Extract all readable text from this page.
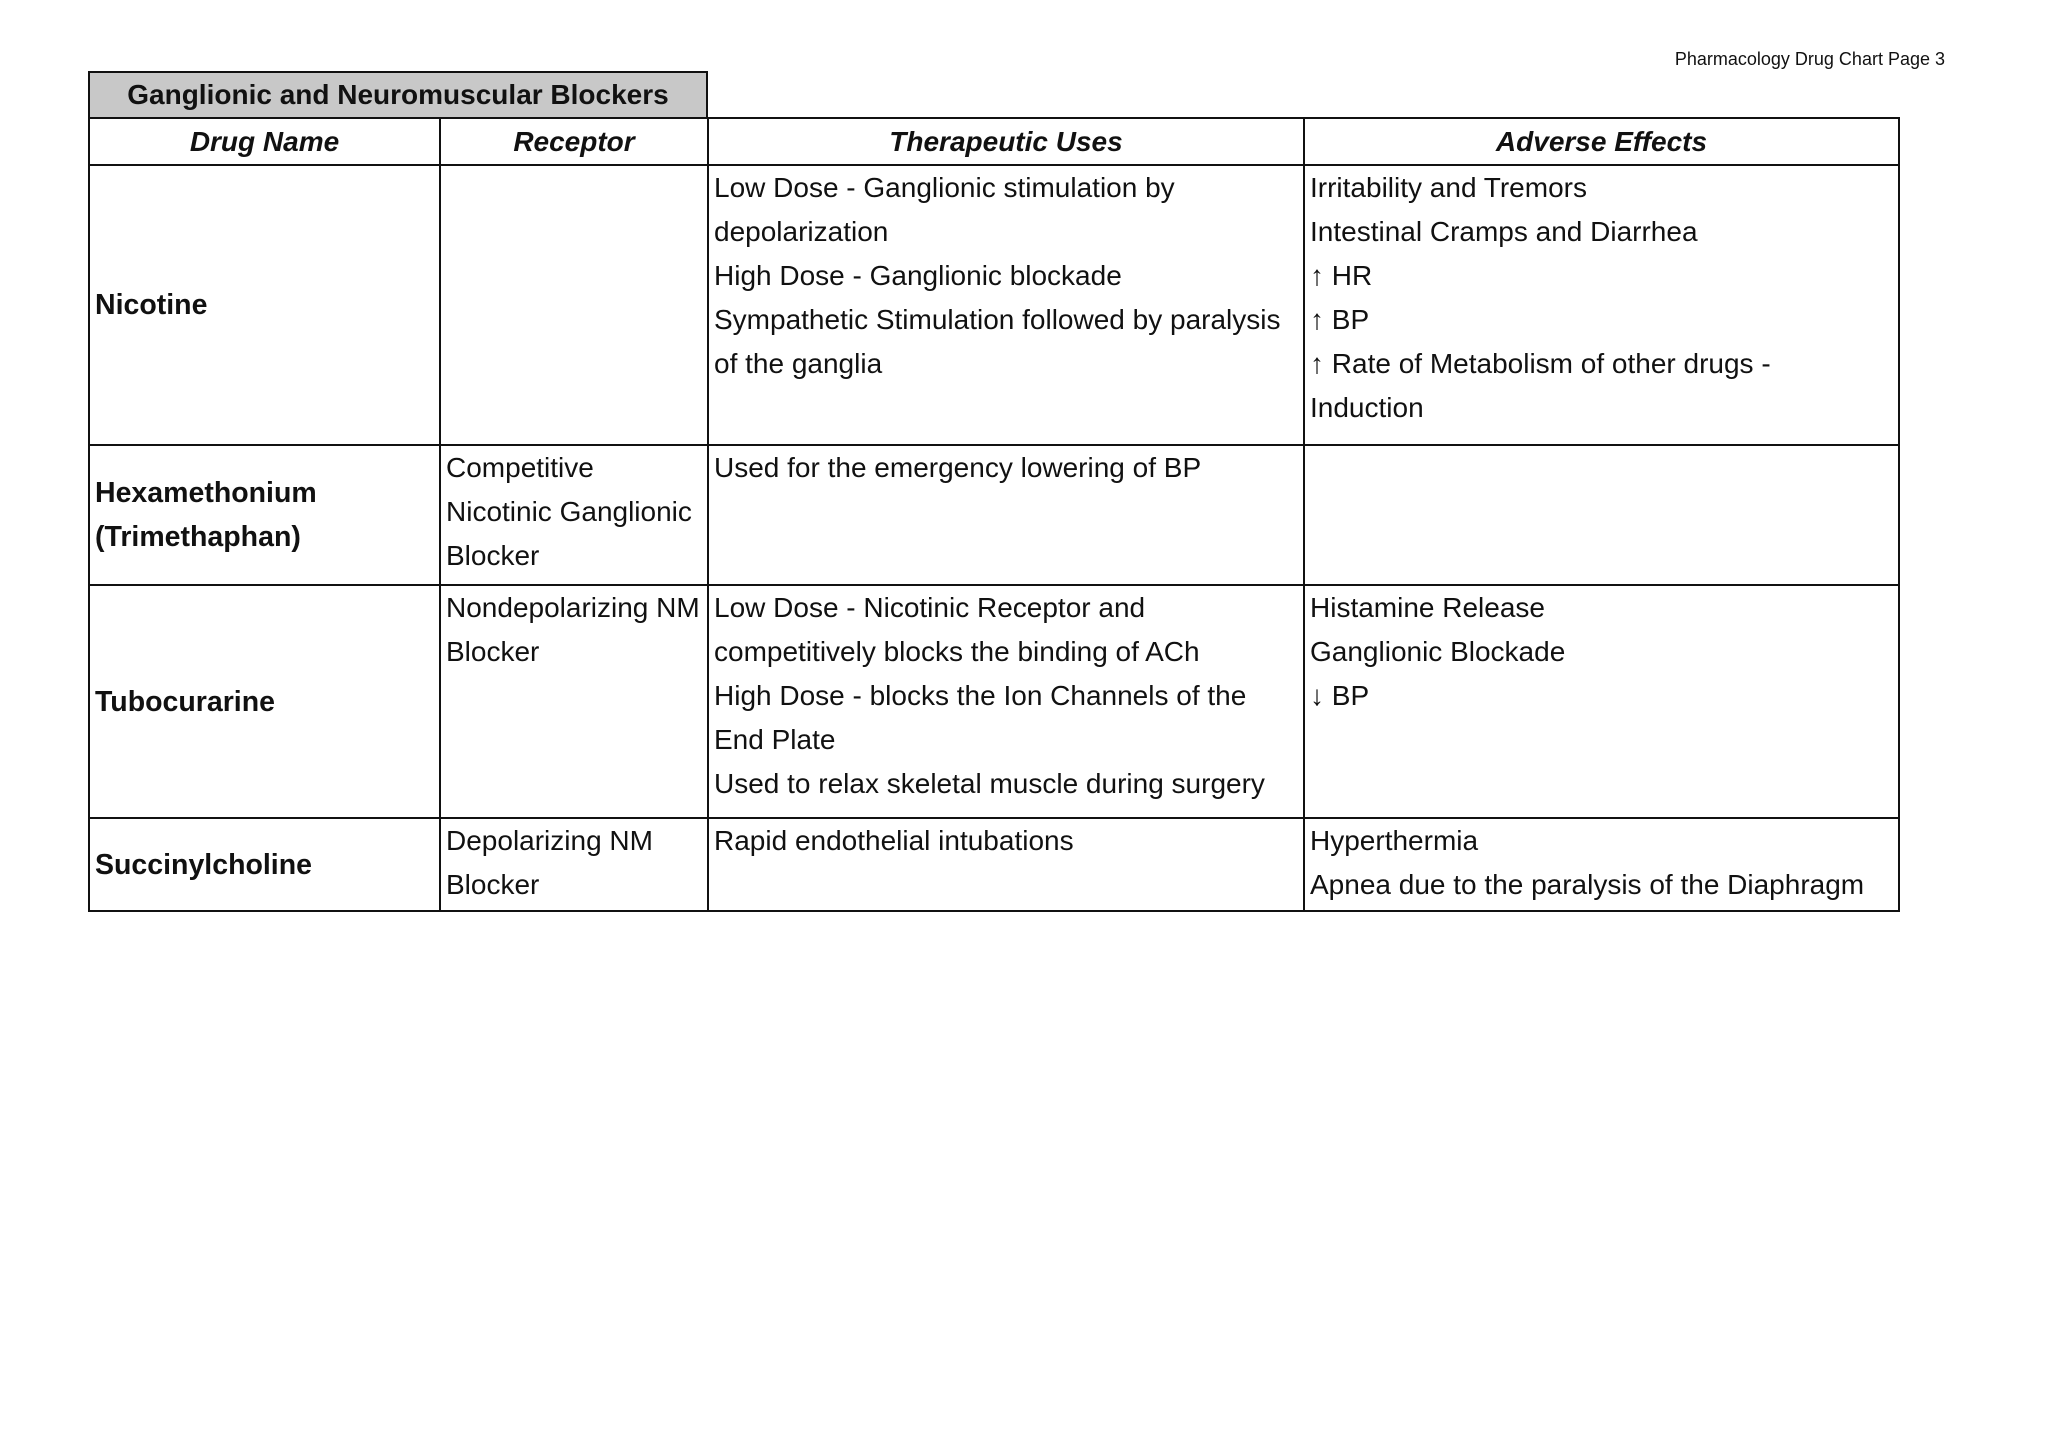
Pharmacology Drug Chart Page 3
Ganglionic and Neuromuscular Blockers
Drug Name	Receptor	Therapeutic Uses	Adverse Effects
Nicotine		Low Dose - Ganglionic stimulation by depolarization
High Dose - Ganglionic blockade
Sympathetic Stimulation followed by paralysis of the ganglia	Irritability and Tremors
Intestinal Cramps and Diarrhea
↑ HR
↑ BP
↑ Rate of Metabolism of other drugs - Induction

Hexamethonium
(Trimethaphan)	Competitive Nicotinic Ganglionic Blocker	Used for the emergency lowering of BP	

Tubocurarine	Nondepolarizing NM Blocker	Low Dose - Nicotinic Receptor and competitively blocks the binding of ACh
High Dose - blocks the Ion Channels of the End Plate
Used to relax skeletal muscle during surgery	Histamine Release
Ganglionic Blockade
↓ BP

Succinylcholine	Depolarizing NM Blocker	Rapid endothelial intubations	Hyperthermia
Apnea due to the paralysis of the Diaphragm
